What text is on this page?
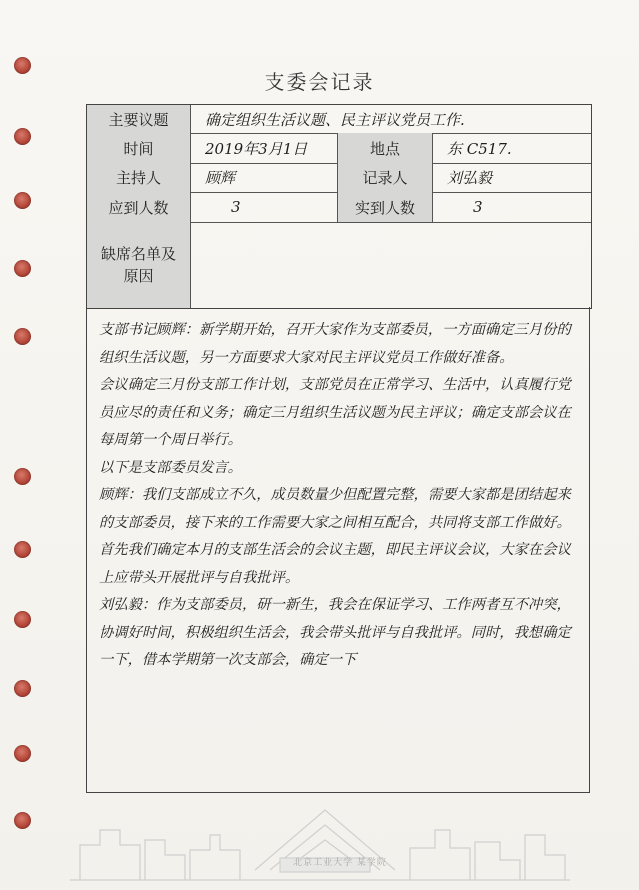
支委会记录
主要议题	确定组织生活议题、民主评议党员工作.
时间	2019年3月1日	地点	东 C517.
主持人	顾辉	记录人	刘弘毅
应到人数	3	实到人数	3
缺席名单及原因

支部书记顾辉：新学期开始，召开大家作为支部委员，一方面确定三月份的组织生活议题，另一方面要求大家对民主评议党员工作做好准备。

会议确定三月份支部工作计划，支部党员在正常学习、生活中，认真履行党员应尽的责任和义务；确定三月组织生活议题为民主评议；确定支部会议在每周第一个周日举行。

以下是支部委员发言。

顾辉：我们支部成立不久，成员数量少但配置完整，需要大家都是团结起来的支部委员，接下来的工作需要大家之间相互配合，共同将支部工作做好。首先我们确定本月的支部生活会的会议主题，即民主评议会议，大家在会议上应带头开展批评与自我批评。

刘弘毅：作为支部委员，研一新生，我会在保证学习、工作两者互不冲突，协调好时间，积极组织生活会，我会带头批评与自我批评。同时，我想确定一下，借本学期第一次支部会，确定一下

北京工业大学 某学院
